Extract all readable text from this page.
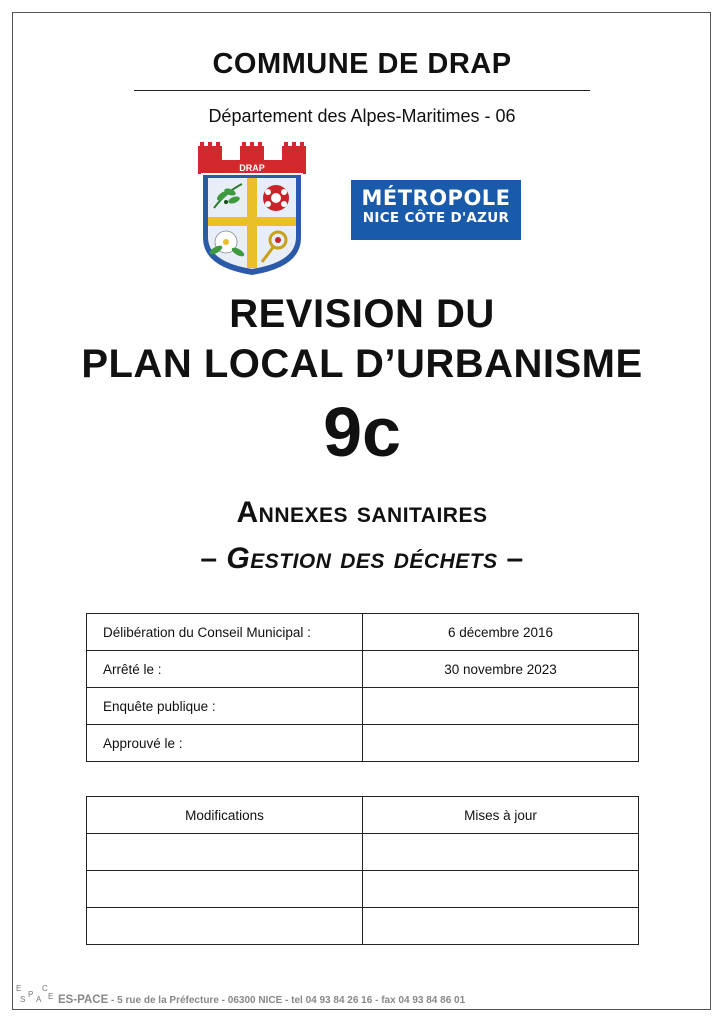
COMMUNE DE DRAP
Département des Alpes-Maritimes - 06
DRAP
MÉTROPOLE
NICE CÔTE D'AZUR
REVISION DU
PLAN LOCAL D’URBANISME
9c
Annexes sanitaires
– Gestion des déchets –
Délibération du Conseil Municipal :	6 décembre 2016
Arrêté le :	30 novembre 2023
Enquête publique :	
Approuvé le :	
Modifications	Mises à jour

E
S
P
A
C
E ES-PACE - 5 rue de la Préfecture - 06300 NICE - tel 04 93 84 26 16 - fax 04 93 84 86 01
